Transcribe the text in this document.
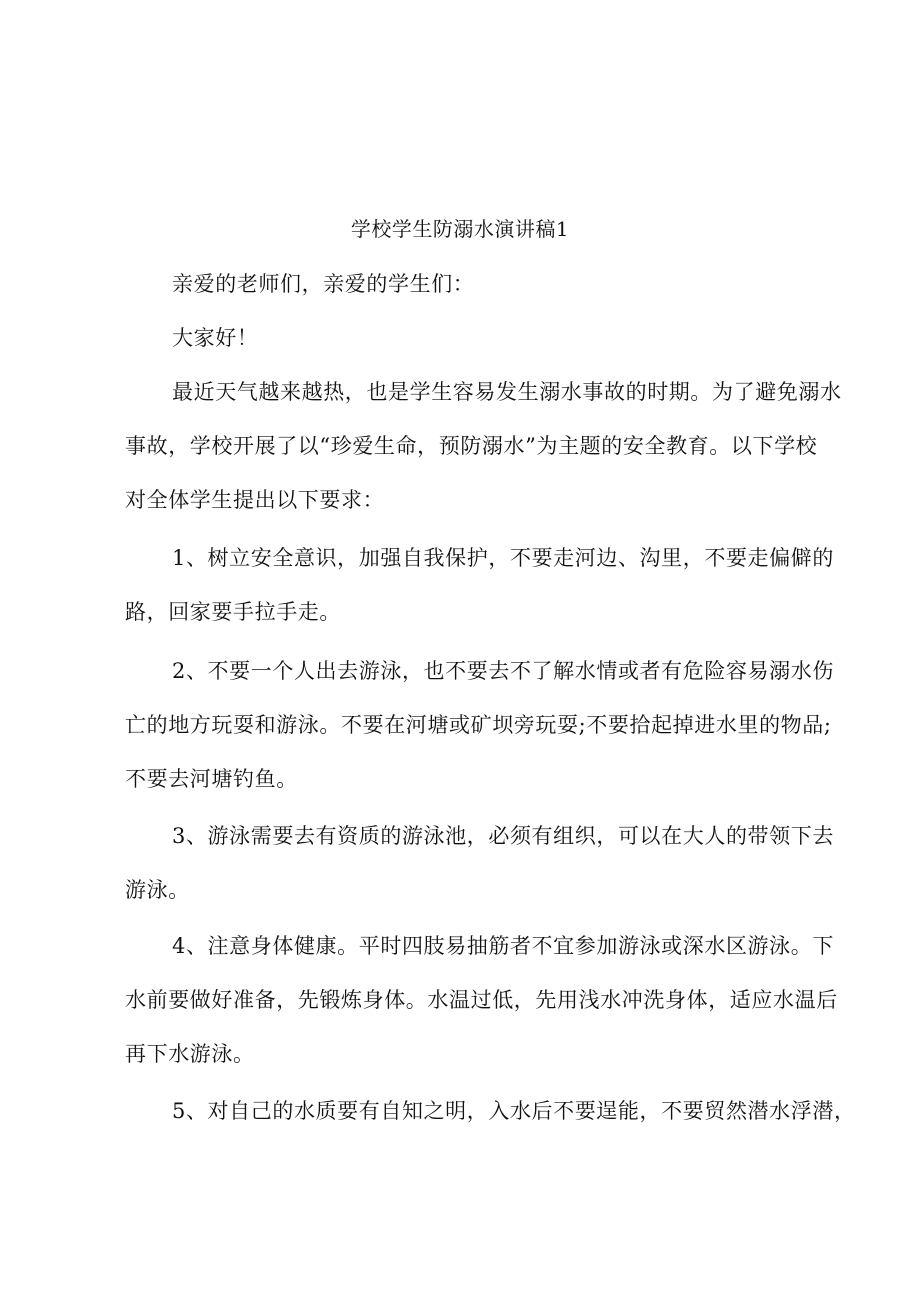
学校学生防溺水演讲稿1
亲爱的老师们，亲爱的学生们：
大家好！
最近天气越来越热，也是学生容易发生溺水事故的时期。为了避免溺水
事故，学校开展了以“珍爱生命，预防溺水”为主题的安全教育。以下学校
对全体学生提出以下要求：
1、树立安全意识，加强自我保护，不要走河边、沟里，不要走偏僻的
路，回家要手拉手走。
2、不要一个人出去游泳，也不要去不了解水情或者有危险容易溺水伤
亡的地方玩耍和游泳。不要在河塘或矿坝旁玩耍;不要拾起掉进水里的物品;
不要去河塘钓鱼。
3、游泳需要去有资质的游泳池，必须有组织，可以在大人的带领下去
游泳。
4、注意身体健康。平时四肢易抽筋者不宜参加游泳或深水区游泳。下
水前要做好准备，先锻炼身体。水温过低，先用浅水冲洗身体，适应水温后
再下水游泳。
5、对自己的水质要有自知之明，入水后不要逞能，不要贸然潜水浮潜，
